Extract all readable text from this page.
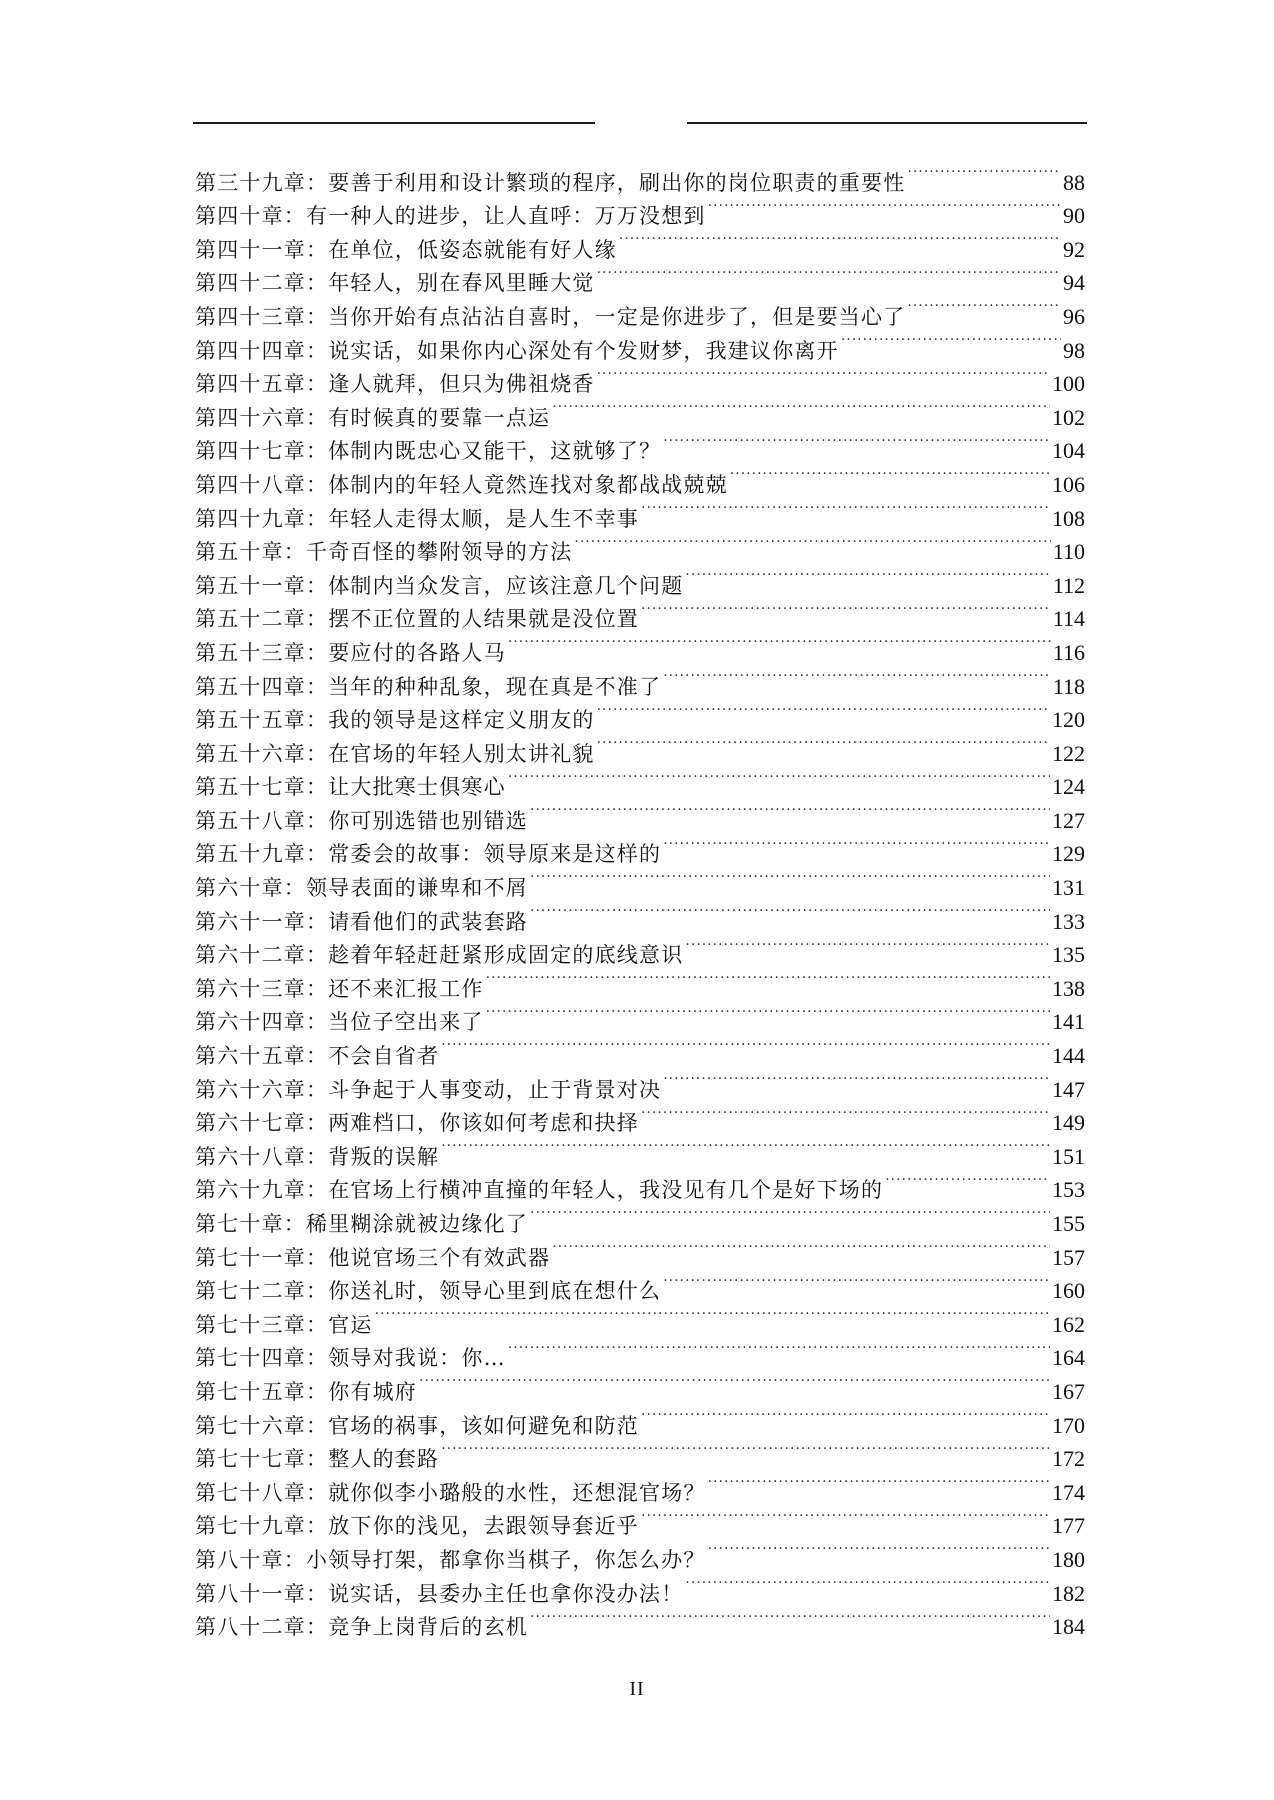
第三十九章：要善于利用和设计繁琐的程序，刷出你的岗位职责的重要性 ·····	88
第四十章：有一种人的进步，让人直呼：万万没想到 ·····	90
第四十一章：在单位，低姿态就能有好人缘 ·····	92
第四十二章：年轻人，别在春风里睡大觉 ·····	94
第四十三章：当你开始有点沾沾自喜时，一定是你进步了，但是要当心了 ·····	96
第四十四章：说实话，如果你内心深处有个发财梦，我建议你离开 ·····	98
第四十五章：逢人就拜，但只为佛祖烧香 ·····	100
第四十六章：有时候真的要靠一点运 ·····	102
第四十七章：体制内既忠心又能干，这就够了？ ·····	104
第四十八章：体制内的年轻人竟然连找对象都战战兢兢 ·····	106
第四十九章：年轻人走得太顺，是人生不幸事 ·····	108
第五十章：千奇百怪的攀附领导的方法 ·····	110
第五十一章：体制内当众发言，应该注意几个问题 ·····	112
第五十二章：摆不正位置的人结果就是没位置 ·····	114
第五十三章：要应付的各路人马 ·····	116
第五十四章：当年的种种乱象，现在真是不准了 ·····	118
第五十五章：我的领导是这样定义朋友的 ·····	120
第五十六章：在官场的年轻人别太讲礼貌 ·····	122
第五十七章：让大批寒士俱寒心 ·····	124
第五十八章：你可别选错也别错选 ·····	127
第五十九章：常委会的故事：领导原来是这样的 ·····	129
第六十章：领导表面的谦卑和不屑 ·····	131
第六十一章：请看他们的武装套路 ·····	133
第六十二章：趁着年轻赶赶紧形成固定的底线意识 ·····	135
第六十三章：还不来汇报工作 ·····	138
第六十四章：当位子空出来了 ·····	141
第六十五章：不会自省者 ·····	144
第六十六章：斗争起于人事变动，止于背景对决 ·····	147
第六十七章：两难档口，你该如何考虑和抉择 ·····	149
第六十八章：背叛的误解 ·····	151
第六十九章：在官场上行横冲直撞的年轻人，我没见有几个是好下场的 ·····	153
第七十章：稀里糊涂就被边缘化了 ·····	155
第七十一章：他说官场三个有效武器 ·····	157
第七十二章：你送礼时，领导心里到底在想什么 ·····	160
第七十三章：官运 ·····	162
第七十四章：领导对我说：你… ·····	164
第七十五章：你有城府 ·····	167
第七十六章：官场的祸事，该如何避免和防范 ·····	170
第七十七章：整人的套路 ·····	172
第七十八章：就你似李小璐般的水性，还想混官场？ ·····	174
第七十九章：放下你的浅见，去跟领导套近乎 ·····	177
第八十章：小领导打架，都拿你当棋子，你怎么办？ ·····	180
第八十一章：说实话，县委办主任也拿你没办法！ ·····	182
第八十二章：竞争上岗背后的玄机 ·····	184
II
